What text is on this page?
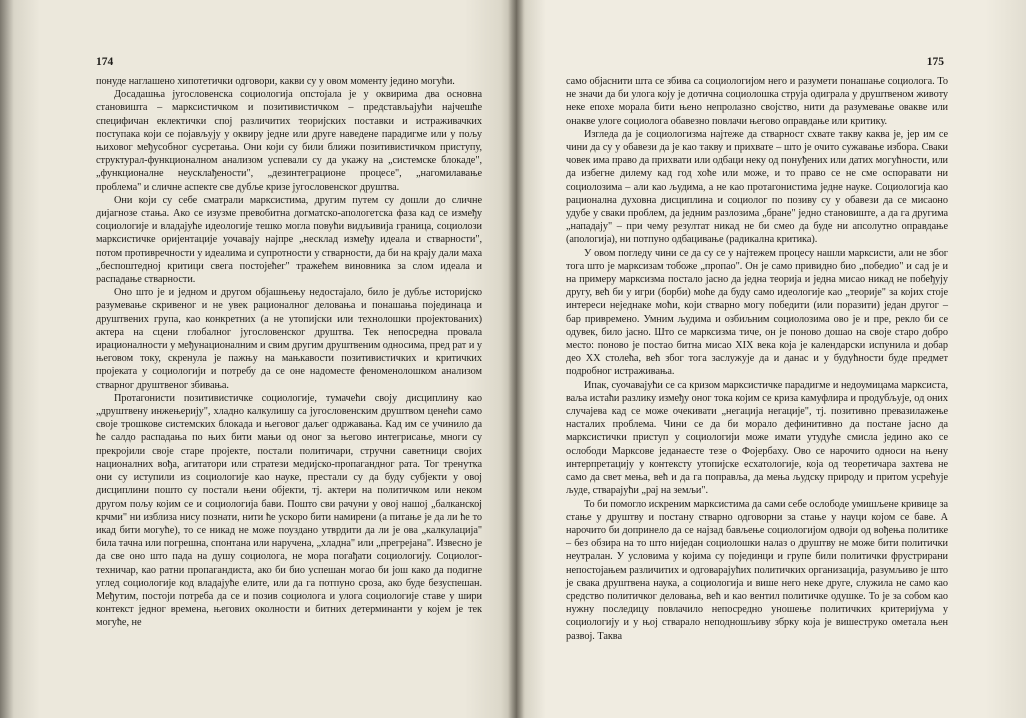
174

понуде наглашено хипотетички одговори, какви су у овом моменту једино могући.

Досадашња југословенска социологија опстојала је у оквирима два основна становишта – марксистичком и позитивистичком – представљајући најчешће специфичан еклектички спој различитих теоријских поставки и истраживачких поступака који се појављују у оквиру једне или друге наведене парадигме или у пољу њиховог међусобног сусретања. Они који су били ближи позитивистичком приступу, структурал-функционалном анализом успевали су да укажу на „системске блокаде", „функционалне неусклађености", „дезинтеграционе процесе", „нагомилавање проблема" и сличне аспекте све дубље кризе југословенског друштва.

Они који су себе сматрали марксистима, другим путем су дошли до сличне дијагнозе стања. Ако се изузме превобитна догматско-апологетска фаза кад се између социологије и владајуће идеологије тешко могла повући видљивија граница, социолози марксистичке оријентације уочавају најпре „несклад између идеала и стварности", потом противречности у идеалима и супротности у стварности, да би на крају дали маха „беспоштедној критици свега постојећег" тражећем виновника за слом идеала и распадање стварности.

Оно што је и једном и другом објашњењу недостајало, било је дубље историјско разумевање скривеног и не увек рационалног деловања и понашања појединаца и друштвених група, као конкретних (а не утопијски или технолошки пројектованих) актера на сцени глобалног југословенског друштва. Тек непосредна провала ирационалности у међунационалним и свим другим друштвеним односима, пред рат и у његовом току, скренула је пажњу на мањкавости позитивистичких и критичких пројеката у социологији и потребу да се оне надоместе феноменолошком анализом стварног друштвеног збивања.

Протагонисти позитивистичке социологије, тумачећи своју дисциплину као „друштвену инжењерију", хладно калкулишу са југословенским друштвом ценећи само своје трошкове системских блокада и његовог даљег одржавања. Кад им се учинило да ће салдо распадања по њих бити мањи од оног за његово интегрисање, многи су прекројили своје старе пројекте, постали политичари, стручни саветници својих националних вођа, агитатори или стратези медијско-пропагандног рата. Тог тренутка они су иступили из социологије као науке, престали су да буду субјекти у овој дисциплини пошто су постали њени објекти, тј. актери на политичком или неком другом пољу којим се и социологија бави. Пошто сви рачуни у овој нашој „балканској крчми" ни изблиза нису познати, нити ће ускоро бити намирени (а питање је да ли ће то икад бити могуће), то се никад не може поуздано утврдити да ли је ова „калкулација" била тачна или погрешна, спонтана или наручена, „хладна" или „прегрејана". Извесно је да све оно што пада на душу социолога, не мора погађати социологију. Социолог-техничар, као ратни пропагандиста, ако би био успешан могао би још како да подигне углед социологије код владајуће елите, или да га потпуно срозa, ако буде безуспешан. Међутим, постоји потреба да се и позив социолога и улога социологије ставе у шири контекст једног времена, његових околности и битних детерминанти у којем је тек могуће, не

175

само објаснити шта се збива са социологијом него и разумети понашање социолога. То не значи да би улога коју је дотична социолошка струја одиграла у друштвеном животу неке епохе морала бити њено непролазно својство, нити да разумевање овакве или онакве улоге социолога обавезно повлачи његово оправдање или критику.

Изгледа да је социологизма најтеже да стварност схвате такву каква је, јер им се чини да су у обавези да је као такву и прихвате – што је очито сужавање избора. Сваки човек има право да прихвати или одбаци неку од понуђених или датих могућности, или да избегне дилему кад год хоће или може, и то право се не сме оспоравати ни социолозима – али као људима, а не као протагонистима једне науке. Социологија као рационална духовна дисциплина и социолог по позиву су у обавези да се мисаоно удубе у сваки проблем, да једним разлозима „бране" једно становиште, а да га другима „нападају" – при чему резултат никад не би смео да буде ни апсолутно оправдање (апологија), ни потпуно одбацивање (радикална критика).

У овом погледу чини се да су се у најтежем процесу нашли марксисти, али не због тога што је марксизам тобоже „пропао". Он је само привидно био „победио" и сад је и на примеру марксизма постало јасно да једна теорија и једна мисао никад не побеђују другу, већ би у игри (борби) моће да буду само идеологије као „теорије" за којих стоје интереси неједнаке моћи, који стварно могу победити (или поразити) један другог – бар привремено. Умним људима и озбиљним социолозима ово је и пре, рекло би се одувек, било јасно. Што се марксизма тиче, он је поново дошао на своје старо добро место: поново је постао битна мисао XIX века која је календарски испунила и добар део XX столећа, већ због тога заслужује да и данас и у будућности буде предмет подробног истраживања.

Ипак, суочавајући се са кризом марксистичке парадигме и недоумицама марксиста, ваља истаћи разлику између оног тока којим се криза камуфлира и продубљује, од оних случајева кад се може очекивати „негација негације", тј. позитивно превазилажење насталих проблема. Чини се да би морало дефинитивно да постане јасно да марксистички приступ у социологији може имати утудуће смисла једино ако се ослободи Марксове једанаесте тезе о Фојербаху. Ово се нарочито односи на њену интерпретацију у контексту утопијске есхатологије, која од теоретичара захтева не само да свет мења, већ и да га поправља, да мења људску природу и притом усрећује људе, стварајући „рај на земљи".

То би помогло искреним марксистима да сами себе ослободе умишљене кривице за стање у друштву и постану стварно одговорни за стање у науци којом се баве. А нарочито би допринело да се најзад бављење социологијом одвоји од вођења политике – без обзира на то што ниједан социолошки налаз о друштву не може бити политички неутралан. У условима у којима су појединци и групе били политички фрустрирани непостојањем различитих и одговарајућих политичких организација, разумљиво је што је свака друштвена наука, а социологија и више него неке друге, служила не само као средство политичког деловања, већ и као вентил политичке одушке. То је за собом као нужну последицу повлачило непосредно уношење политичких критеријума у социологију и у њој стварало неподношљиву збрку која је вишеструко ометала њен развој. Таква
